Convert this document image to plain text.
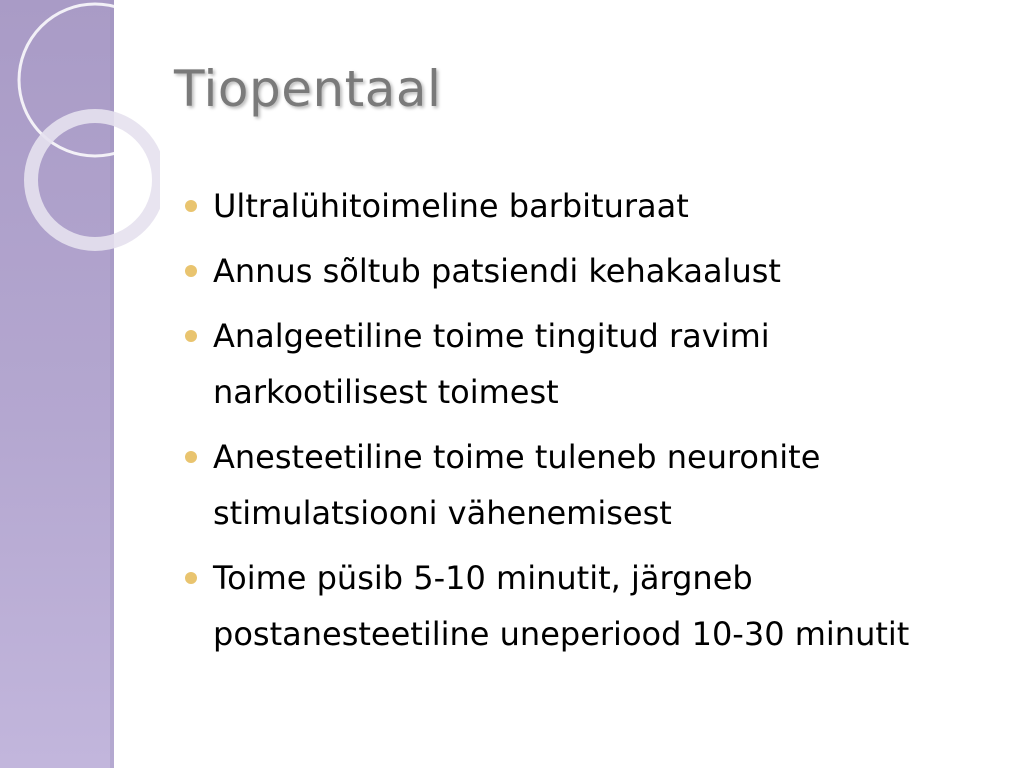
Tiopentaal
Ultralühitoimeline barbituraat
Annus sõltub patsiendi kehakaalust
Analgeetiline toime tingitud ravimi narkootilisest toimest
Anesteetiline toime tuleneb neuronite stimulatsiooni vähenemisest
Toime püsib 5-10 minutit, järgneb postanesteetiline uneperiood 10-30 minutit
